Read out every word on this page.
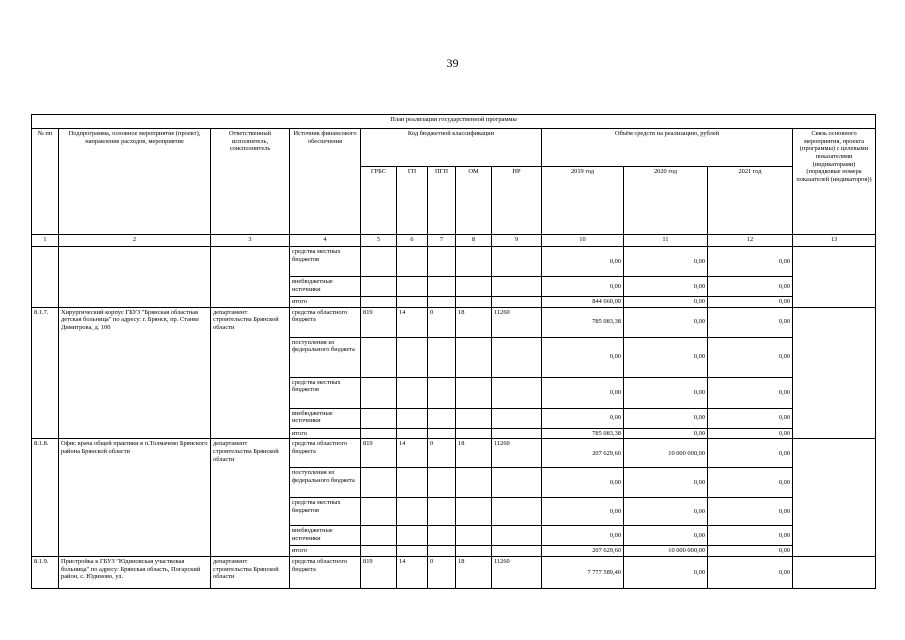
39
План реализации государственной программы												
№ пп	Подпрограмма, основное мероприятие (проект), направление расходов, мероприятие	Ответственный исполнитель, соисполнитель	Источник финансового обеспечения	Код бюджетной классификации					Объём средств на реализацию, рублей			Связь основного мероприятия, проекта (программы) с целевыми показателями (индикаторами) (порядковые номера показателей (индикаторов))
				ГРБС	ГП	ПГП	ОМ	НР	2019 год	2020 год	2021 год	
1	2	3	4	5	6	7	8	9	10	11	12	13
			средства местных бюджетов						0,00	0,00	0,00	
			внебюджетные источники						0,00	0,00	0,00	
			итого						844 660,00	0,00	0,00	
8.1.7.	Хирургический корпус ГБУЗ "Брянская областная детская больница" по адресу: г. Брянск, пр. Станке Димитрова, д. 100	департамент строительства Брянской области	средства областного бюджета	819	14	0	18	11260	785 083,38	0,00	0,00	
			поступления из федерального бюджета						0,00	0,00	0,00	
			средства местных бюджетов						0,00	0,00	0,00	
			внебюджетные источники						0,00	0,00	0,00	
			итого						785 083,38	0,00	0,00	
8.1.8.	Офис врача общей практики в п.Толмачево Брянского района Брянской области	департамент строительства Брянской области	средства областного бюджета	819	14	0	18	11260	207 629,60	10 000 000,00	0,00	
			поступления из федерального бюджета						0,00	0,00	0,00	
			средства местных бюджетов						0,00	0,00	0,00	
			внебюджетные источники						0,00	0,00	0,00	
			итого						207 629,60	10 000 000,00	0,00	
8.1.9.	Пристройка к ГБУЗ "Юдиновская участковая больница" по адресу: Брянская область, Погарский район, с. Юдиново, ул.	департамент строительства Брянской области	средства областного бюджета	819	14	0	18	11260	7 777 589,40	0,00	0,00	
